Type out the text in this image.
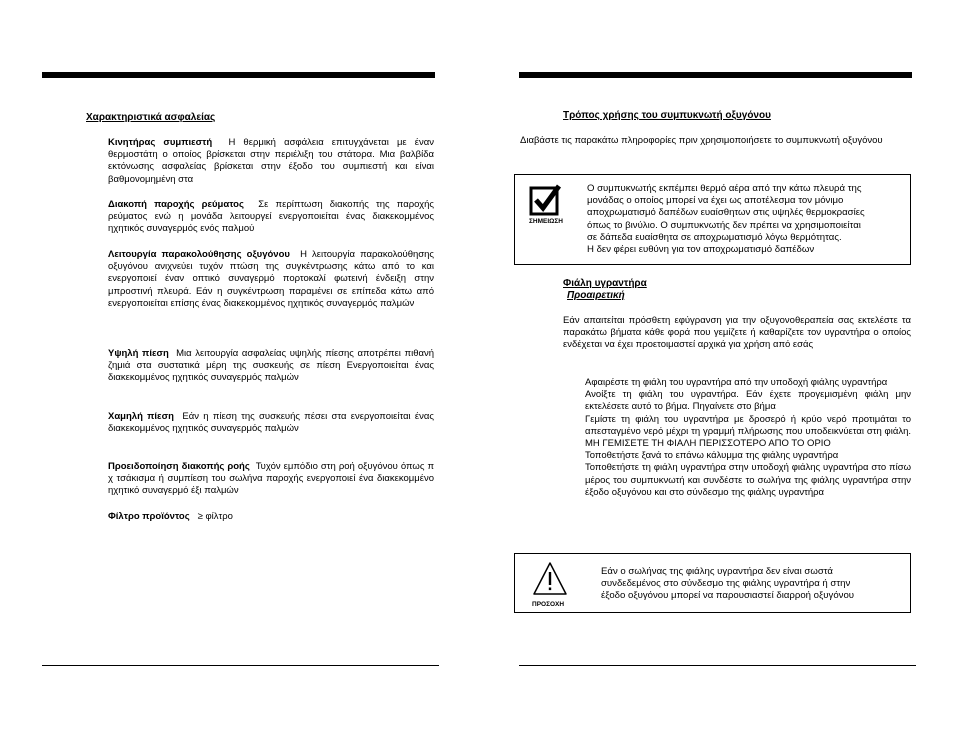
Χαρακτηριστικά ασφαλείας
Κινητήρας συμπιεστή Η θερμική ασφάλεια επιτυγχάνεται με έναν θερμοστάτη ο οποίος βρίσκεται στην περιέλιξη του στάτορα. Μια βαλβίδα εκτόνωσης ασφαλείας βρίσκεται στην έξοδο του συμπιεστή και είναι βαθμονομημένη στα
Διακοπή παροχής ρεύματος Σε περίπτωση διακοπής της παροχής ρεύματος ενώ η μονάδα λειτουργεί ενεργοποιείται ένας διακεκομμένος ηχητικός συναγερμός ενός παλμού
Λειτουργία παρακολούθησης οξυγόνου Η λειτουργία παρακολούθησης οξυγόνου ανιχνεύει τυχόν πτώση της συγκέντρωσης κάτω από το και ενεργοποιεί έναν οπτικό συναγερμό πορτοκαλί φωτεινή ένδειξη στην μπροστινή πλευρά. Εάν η συγκέντρωση παραμένει σε επίπεδα κάτω από ενεργοποιείται επίσης ένας διακεκομμένος ηχητικός συναγερμός παλμών
Υψηλή πίεση Μια λειτουργία ασφαλείας υψηλής πίεσης αποτρέπει πιθανή ζημιά στα συστατικά μέρη της συσκευής σε πίεση Ενεργοποιείται ένας διακεκομμένος ηχητικός συναγερμός παλμών
Χαμηλή πίεση Εάν η πίεση της συσκευής πέσει στα ενεργοποιείται ένας διακεκομμένος ηχητικός συναγερμός παλμών
Προειδοποίηση διακοπής ροής Τυχόν εμπόδιο στη ροή οξυγόνου όπως π χ τσάκισμα ή συμπίεση του σωλήνα παροχής ενεργοποιεί ένα διακεκομμένο ηχητικό συναγερμό έξι παλμών
Φίλτρο προϊόντος ≥ φίλτρο
Τρόπος χρήσης του συμπυκνωτή οξυγόνου
Διαβάστε τις παρακάτω πληροφορίες πριν χρησιμοποιήσετε το συμπυκνωτή οξυγόνου
ΣΗΜΕΙΩΣΗ
Ο συμπυκνωτής εκπέμπει θερμό αέρα από την κάτω πλευρά της
μονάδας ο οποίος μπορεί να έχει ως αποτέλεσμα τον μόνιμο
αποχρωματισμό δαπέδων ευαίσθητων στις υψηλές θερμοκρασίες
όπως το βινύλιο. Ο συμπυκνωτής δεν πρέπει να χρησιμοποιείται
σε δάπεδα ευαίσθητα σε αποχρωματισμό λόγω θερμότητας.
Η δεν φέρει ευθύνη για τον αποχρωματισμό δαπέδων
Φιάλη υγραντήρα
Προαιρετική
Εάν απαιτείται πρόσθετη εφύγρανση για την οξυγονοθεραπεία σας εκτελέστε τα παρακάτω βήματα κάθε φορά που γεμίζετε ή καθαρίζετε τον υγραντήρα ο οποίος ενδέχεται να έχει προετοιμαστεί αρχικά για χρήση από εσάς
Αφαιρέστε τη φιάλη του υγραντήρα από την υποδοχή φιάλης υγραντήρα
Ανοίξτε τη φιάλη του υγραντήρα. Εάν έχετε προγεμισμένη φιάλη μην εκτελέσετε αυτό το βήμα. Πηγαίνετε στο βήμα
Γεμίστε τη φιάλη του υγραντήρα με δροσερό ή κρύο νερό προτιμάται το απεσταγμένο νερό μέχρι τη γραμμή πλήρωσης που υποδεικνύεται στη φιάλη. ΜΗ ΓΕΜΙΣΕΤΕ ΤΗ ΦΙΑΛΗ ΠΕΡΙΣΣΟΤΕΡΟ ΑΠΟ ΤΟ ΟΡΙΟ
Τοποθετήστε ξανά το επάνω κάλυμμα της φιάλης υγραντήρα
Τοποθετήστε τη φιάλη υγραντήρα στην υποδοχή φιάλης υγραντήρα στο πίσω μέρος του συμπυκνωτή και συνδέστε το σωλήνα της φιάλης υγραντήρα στην έξοδο οξυγόνου και στο σύνδεσμο της φιάλης υγραντήρα
ΠΡΟΣΟΧΗ
Εάν ο σωλήνας της φιάλης υγραντήρα δεν είναι σωστά
συνδεδεμένος στο σύνδεσμο της φιάλης υγραντήρα ή στην
έξοδο οξυγόνου μπορεί να παρουσιαστεί διαρροή οξυγόνου
